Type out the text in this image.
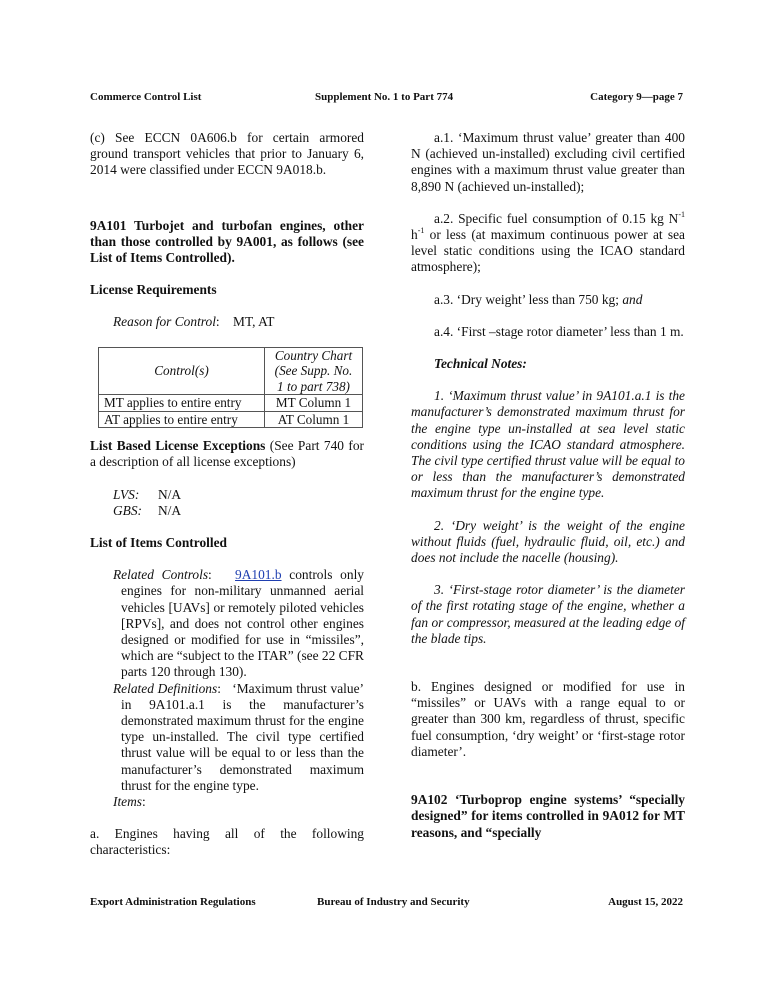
Commerce Control List	Supplement No. 1 to Part 774	Category 9—page 7

(c) See ECCN 0A606.b for certain armored ground transport vehicles that prior to January 6, 2014 were classified under ECCN 9A018.b.

9A101 Turbojet and turbofan engines, other than those controlled by 9A001, as follows (see List of Items Controlled).

License Requirements

Reason for Control:    MT, AT

Control(s)	Country Chart (See Supp. No. 1 to part 738)
MT applies to entire entry	MT Column 1
AT applies to entire entry	AT Column 1

List Based License Exceptions (See Part 740 for a description of all license exceptions)

LVS: N/A

GBS: N/A

List of Items Controlled

Related Controls:   9A101.b controls only engines for non-military unmanned aerial vehicles [UAVs] or remotely piloted vehicles [RPVs], and does not control other engines designed or modified for use in “missiles”, which are “subject to the ITAR” (see 22 CFR parts 120 through 130).

Related Definitions:   ‘Maximum thrust value’ in 9A101.a.1 is the manufacturer’s demonstrated maximum thrust for the engine type un-installed. The civil type certified thrust value will be equal to or less than the manufacturer’s demonstrated maximum thrust for the engine type.

Items:

a. Engines having all of the following characteristics:

a.1. ‘Maximum thrust value’ greater than 400 N (achieved un-installed) excluding civil certified engines with a maximum thrust value greater than 8,890 N (achieved un-installed);

a.2. Specific fuel consumption of 0.15 kg $N^{-1}$ $h^{-1}$ or less (at maximum continuous power at sea level static conditions using the ICAO standard atmosphere);

a.3. ‘Dry weight’ less than 750 kg; and

a.4. ‘First –stage rotor diameter’ less than 1 m.

Technical Notes:

1. ‘Maximum thrust value’ in 9A101.a.1 is the manufacturer’s demonstrated maximum thrust for the engine type un-installed at sea level static conditions using the ICAO standard atmosphere. The civil type certified thrust value will be equal to or less than the manufacturer’s demonstrated maximum thrust for the engine type.

2. ‘Dry weight’ is the weight of the engine without fluids (fuel, hydraulic fluid, oil, etc.) and does not include the nacelle (housing).

3. ‘First-stage rotor diameter’ is the diameter of the first rotating stage of the engine, whether a fan or compressor, measured at the leading edge of the blade tips.

b. Engines designed or modified for use in “missiles” or UAVs with a range equal to or greater than 300 km, regardless of thrust, specific fuel consumption, ‘dry weight’ or ‘first-stage rotor diameter’.

9A102 ‘Turboprop engine systems’ “specially designed” for items controlled in 9A012 for MT reasons, and “specially

Export Administration Regulations	Bureau of Industry and Security	August 15, 2022
